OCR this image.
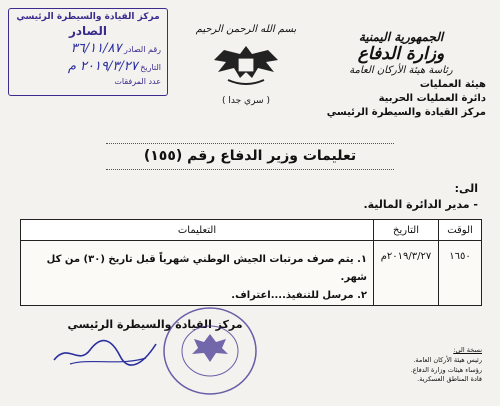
الجمهورية اليمنية
وزارة الدفاع
رئاسة هيئة الأركان العامة
هيئة العمليات
دائرة العمليات الحربية
مركز القيادة والسيطرة الرئيسي
بسم الله الرحمن الرحيم
( سري جدا )
مركز القيادة والسيطرة الرئيسي
الصادر
رقم الصادر ٣٦/١١/٨٧
التاريخ ٢٠١٩/٣/٢٧ م
عدد المرفقات
تعليمات وزير الدفاع رقم (١٥٥)
الى:
- مدير الدائرة المالية.
الوقت	التاريخ	التعليمات
١٦٥٠	٢٠١٩/٣/٢٧م	١. يتم صرف مرتبات الجيش الوطني شهرياً قبل تاريخ (٣٠) من كل شهر.
٢. مرسل للتنفيذ....اعتراف.
مركز القيادة والسيطرة الرئيسي
نسخة الى:
رئيس هيئة الأركان العامة.
رؤساء هيئات وزارة الدفاع.
قادة المناطق العسكرية.
